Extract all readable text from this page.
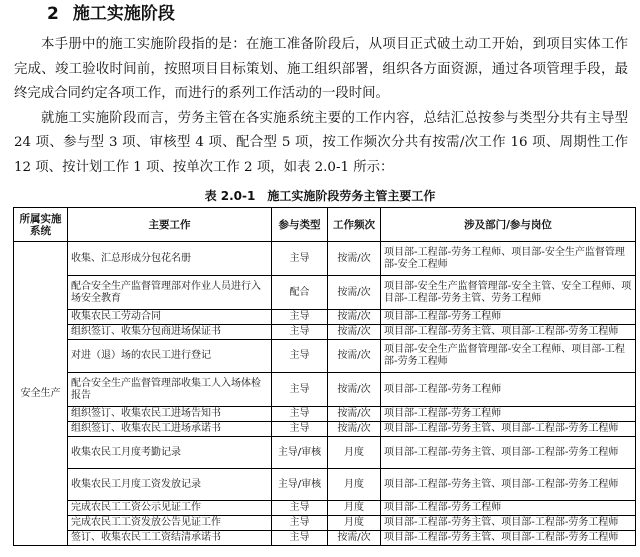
2 施工实施阶段

本手册中的施工实施阶段指的是：在施工准备阶段后，从项目正式破土动工开始，到项目实体工作完成、竣工验收时间前，按照项目目标策划、施工组织部署，组织各方面资源，通过各项管理手段，最终完成合同约定各项工作，而进行的系列工作活动的一段时间。

就施工实施阶段而言，劳务主管在各实施系统主要的工作内容，总结汇总按参与类型分共有主导型 24 项、参与型 3 项、审核型 4 项、配合型 5 项，按工作频次分共有按需/次工作 16 项、周期性工作 12 项、按计划工作 1 项、按单次工作 2 项，如表 2.0-1 所示：

表 2.0-1 施工实施阶段劳务主管主要工作
所属实施系统	主要工作	参与类型	工作频次	涉及部门/参与岗位
安全生产	收集、汇总形成分包花名册	主导	按需/次	项目部-工程部-劳务工程师、项目部-安全生产监督管理部-安全工程师
	配合安全生产监督管理部对作业人员进行入场安全教育	配合	按需/次	项目部-安全生产监督管理部-安全主管、安全工程师、项目部-工程部-劳务主管、劳务工程师
	收集农民工劳动合同	主导	按需/次	项目部-工程部-劳务工程师
	组织签订、收集分包商进场保证书	主导	按需/次	项目部-工程部-劳务主管、项目部-工程部-劳务工程师
	对进（退）场的农民工进行登记	主导	按需/次	项目部-安全生产监督管理部-安全工程师、项目部-工程部-劳务工程师
	配合安全生产监督管理部收集工人入场体检报告	主导	按需/次	项目部-工程部-劳务工程师
	组织签订、收集农民工进场告知书	主导	按需/次	项目部-工程部-劳务工程师
	组织签订、收集农民工进场承诺书	主导	按需/次	项目部-工程部-劳务主管、项目部-工程部-劳务工程师
	收集农民工月度考勤记录	主导/审核	月度	项目部-工程部-劳务主管、项目部-工程部-劳务工程师
	收集农民工月度工资发放记录	主导/审核	月度	项目部-工程部-劳务主管、项目部-工程部-劳务工程师
	完成农民工工资公示见证工作	主导	月度	项目部-工程部-劳务工程师
	完成农民工工资发放公告见证工作	主导	月度	项目部-工程部-劳务主管、项目部-工程部-劳务工程师
	签订、收集农民工工资结清承诺书	主导	按需/次	项目部-工程部-劳务主管、项目部-工程部-劳务工程师
